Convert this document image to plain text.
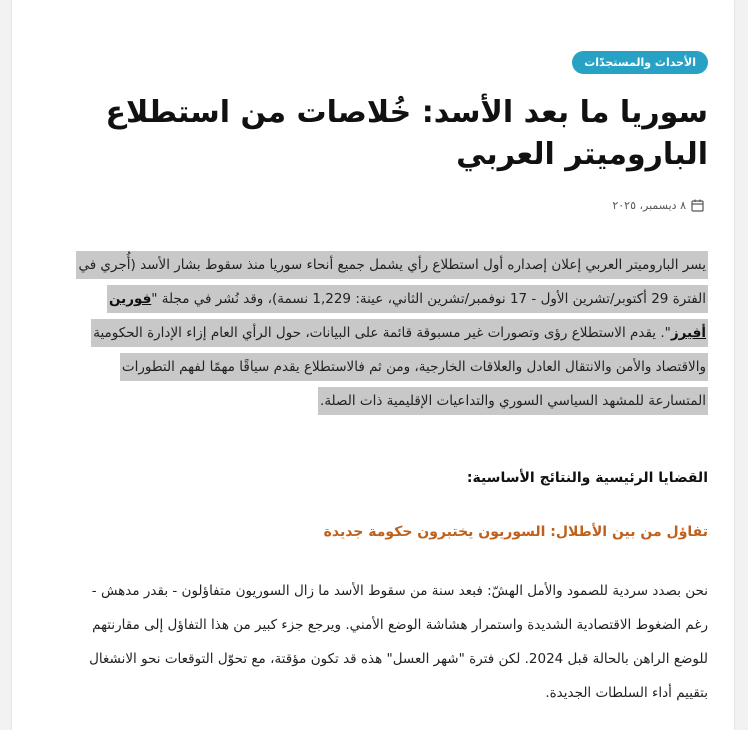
الأحداث والمستجدّات
سوريا ما بعد الأسد: خُلاصات من استطلاع الباروميتر العربي
٨ ديسمبر، ٢٠٢٥

يسر الباروميتر العربي إعلان إصداره أول استطلاع رأي يشمل جميع أنحاء سوريا منذ سقوط بشار الأسد (أُجري في الفترة 29 أكتوبر/تشرين الأول - 17 نوفمبر/تشرين الثاني، عينة: 1,229 نسمة)، وقد نُشر في مجلة "فورين أفيرز". يقدم الاستطلاع رؤى وتصورات غير مسبوقة قائمة على البيانات، حول الرأي العام إزاء الإدارة الحكومية والاقتصاد والأمن والانتقال العادل والعلاقات الخارجية، ومن ثم فالاستطلاع يقدم سياقًا مهمًا لفهم التطورات المتسارعة للمشهد السياسي السوري والتداعيات الإقليمية ذات الصلة.

القضايا الرئيسية والنتائج الأساسية:
تفاؤل من بين الأطلال: السوريون يختبرون حكومة جديدة

نحن بصدد سردية للصمود والأمل الهشّ: فبعد سنة من سقوط الأسد ما زال السوريون متفاؤلون - بقدر مدهش - رغم الضغوط الاقتصادية الشديدة واستمرار هشاشة الوضع الأمني. ويرجع جزء كبير من هذا التفاؤل إلى مقارنتهم للوضع الراهن بالحالة قبل 2024. لكن فترة "شهر العسل" هذه قد تكون مؤقتة، مع تحوّل التوقعات نحو الانشغال بتقييم أداء السلطات الجديدة.
